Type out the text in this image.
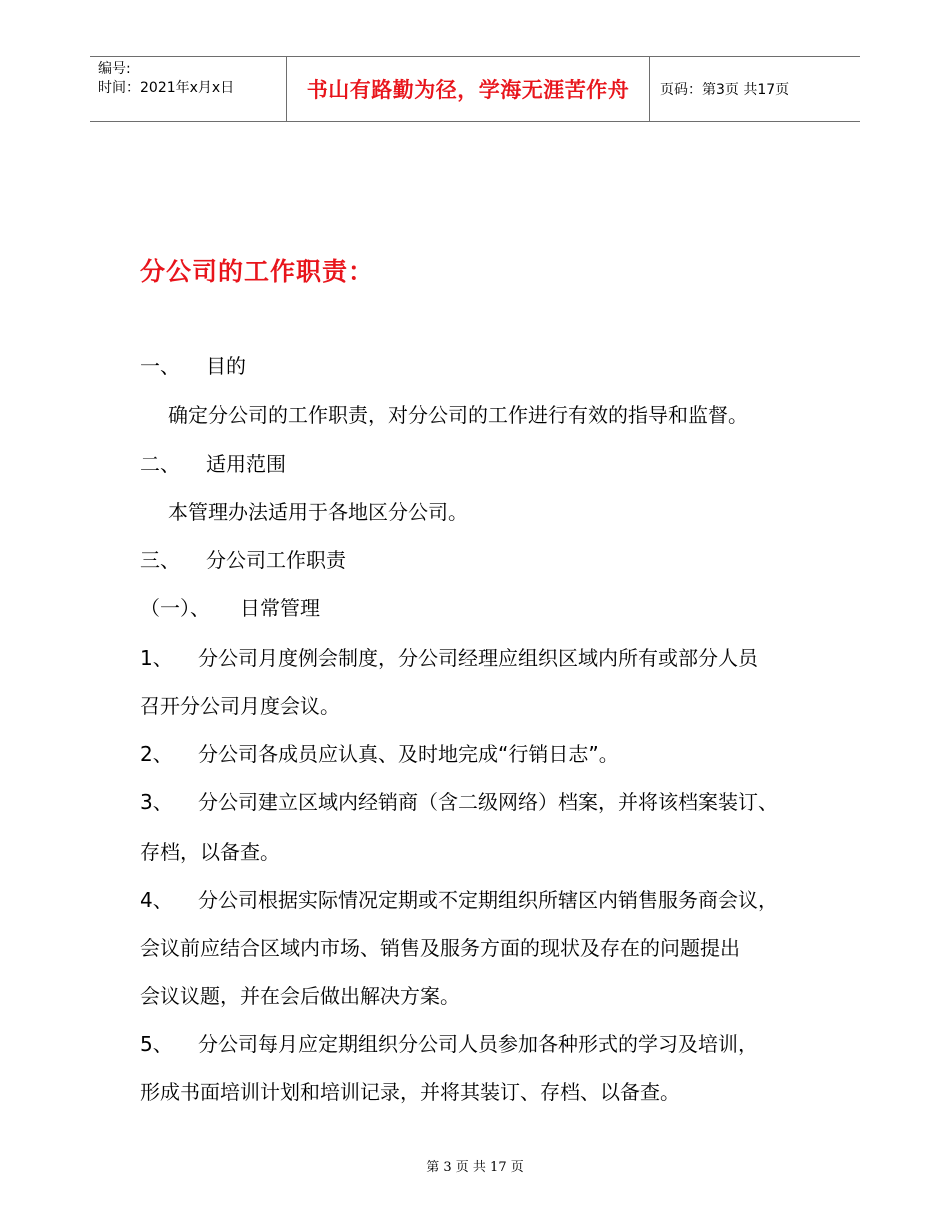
编号:
时间：2021年x月x日	书山有路勤为径，学海无涯苦作舟	页码：第3页 共17页
分公司的工作职责：
一、 目的
确定分公司的工作职责，对分公司的工作进行有效的指导和监督。
二、 适用范围
本管理办法适用于各地区分公司。
三、 分公司工作职责
（一）、 日常管理
1、 分公司月度例会制度，分公司经理应组织区域内所有或部分人员
召开分公司月度会议。
2、 分公司各成员应认真、及时地完成“行销日志”。
3、 分公司建立区域内经销商（含二级网络）档案，并将该档案装订、
存档，以备查。
4、 分公司根据实际情况定期或不定期组织所辖区内销售服务商会议，
会议前应结合区域内市场、销售及服务方面的现状及存在的问题提出
会议议题，并在会后做出解决方案。
5、 分公司每月应定期组织分公司人员参加各种形式的学习及培训，
形成书面培训计划和培训记录，并将其装订、存档、以备查。
第 3 页 共 17 页
